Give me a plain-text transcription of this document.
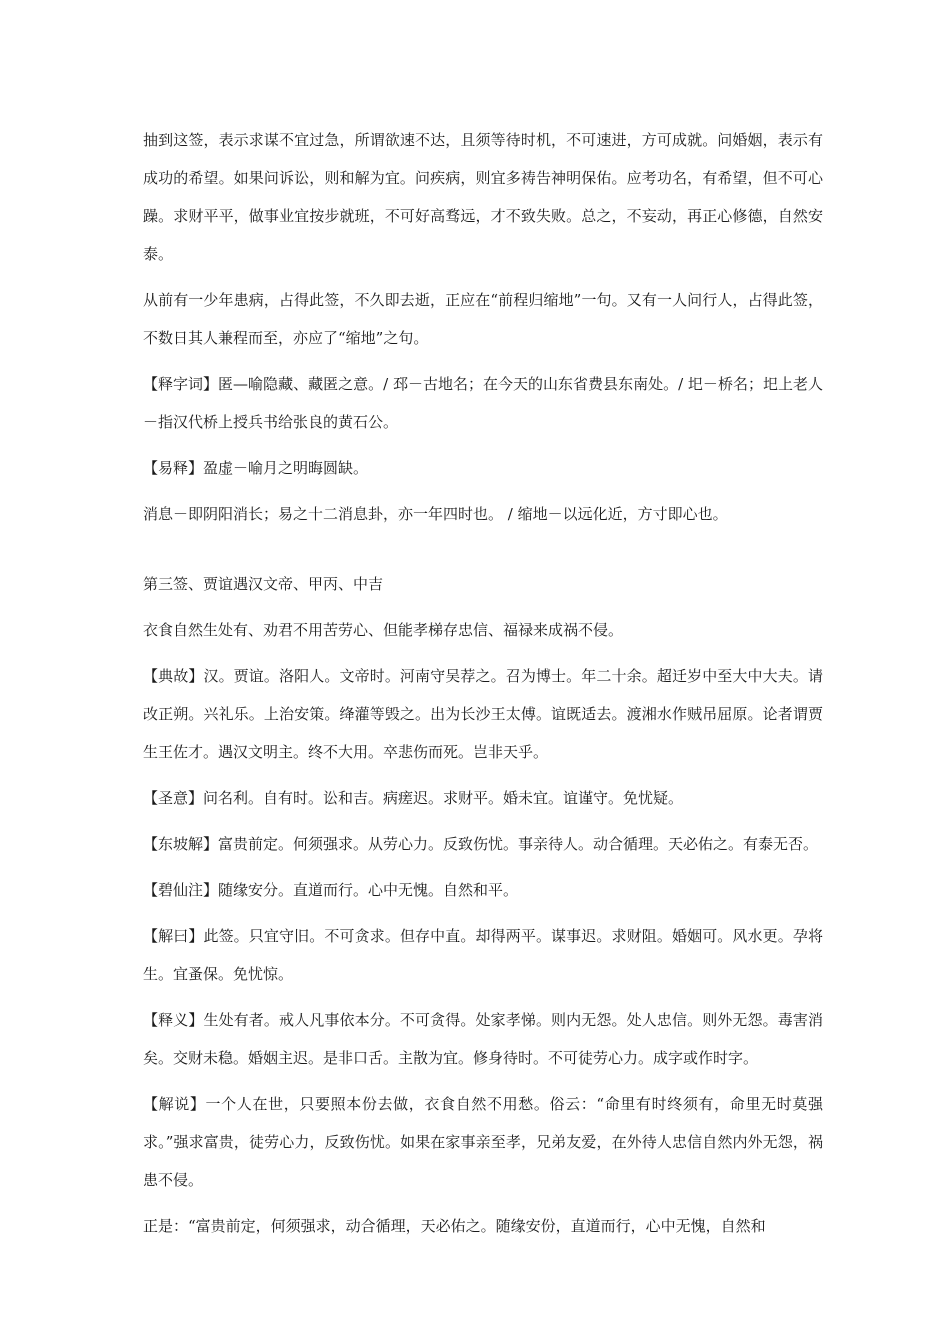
抽到这签，表示求谋不宜过急，所谓欲速不达，且须等待时机，不可速进，方可成就。问婚姻，表示有成功的希望。如果问诉讼，则和解为宜。问疾病，则宜多祷告神明保佑。应考功名，有希望，但不可心躁。求财平平，做事业宜按步就班，不可好高骛远，才不致失败。总之，不妄动，再正心修德，自然安泰。

从前有一少年患病，占得此签，不久即去逝，正应在“前程归缩地”一句。又有一人问行人，占得此签，不数日其人兼程而至，亦应了“缩地”之句。

【释字词】匿—喻隐藏、藏匿之意。/ 邳－古地名；在今天的山东省费县东南处。/ 圯－桥名；圯上老人－指汉代桥上授兵书给张良的黄石公。

【易释】盈虚－喻月之明晦圆缺。

消息－即阴阳消长；易之十二消息卦，亦一年四时也。 / 缩地－以远化近，方寸即心也。

第三签、贾谊遇汉文帝、甲丙、中吉

衣食自然生处有、劝君不用苦劳心、但能孝梯存忠信、福禄来成祸不侵。

【典故】汉。贾谊。洛阳人。文帝时。河南守吴荐之。召为博士。年二十余。超迁岁中至大中大夫。请改正朔。兴礼乐。上治安策。绛灌等毁之。出为长沙王太傅。谊既适去。渡湘水作贼吊屈原。论者谓贾生王佐才。遇汉文明主。终不大用。卒悲伤而死。岂非天乎。

【圣意】问名利。自有时。讼和吉。病瘥迟。求财平。婚未宜。谊谨守。免忧疑。

【东坡解】富贵前定。何须强求。从劳心力。反致伤忧。事亲待人。动合循理。天必佑之。有泰无否。

【碧仙注】随缘安分。直道而行。心中无愧。自然和平。

【解曰】此签。只宜守旧。不可贪求。但存中直。却得两平。谋事迟。求财阻。婚姻可。风水更。孕将生。宜蚤保。免忧惊。

【释义】生处有者。戒人凡事依本分。不可贪得。处家孝悌。则内无怨。处人忠信。则外无怨。毒害消矣。交财未稳。婚姻主迟。是非口舌。主散为宜。修身待时。不可徒劳心力。成字或作时字。

【解说】一个人在世，只要照本份去做，衣食自然不用愁。俗云：“命里有时终须有，命里无时莫强求。”强求富贵，徒劳心力，反致伤忧。如果在家事亲至孝，兄弟友爱，在外待人忠信自然内外无怨，祸患不侵。

正是：“富贵前定，何须强求，动合循理，天必佑之。随缘安份，直道而行，心中无愧，自然和
